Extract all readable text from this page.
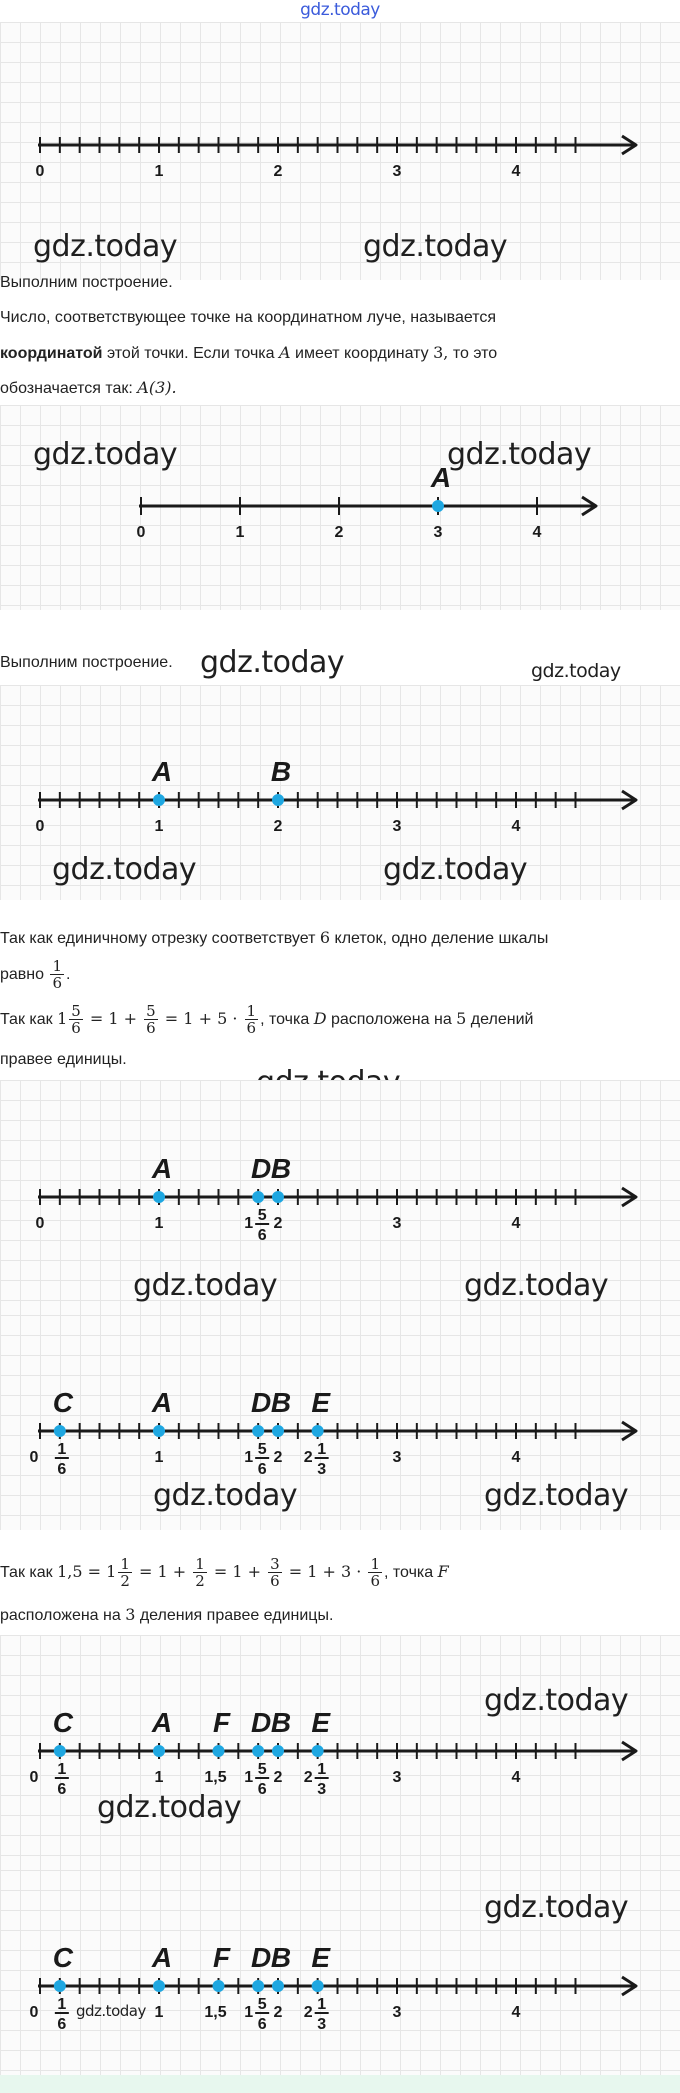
gdz.today
0	1	2	3	4
gdz.today	gdz.today
Выполним построение.
Число, соответствующее точке на координатном луче, называется
координатой этой точки. Если точка A имеет координату 3, то это
обозначается так: A(3).
0	1	2	3	4
A
gdz.today	gdz.today
Выполним построение. gdz.today	gdz.today
0	1	2	3	4
A	B
gdz.today	gdz.today
Так как единичному отрезку соответствует 6 клеток, одно деление шкалы
равно $\frac{1}{6}$ .
Так как $1 \frac{5}{6} = 1 + \frac{5}{6} = 1 + 5 \cdot \frac{1}{6}$ , точка D расположена на 5 делений
правее единицы.
0	1	2	3	4
1 5
6
A	D B
gdz.today	gdz.today
0	1	2	3	4
1
6
1 5
6
2 1
3
C	A	D B E
gdz.today	gdz.today
Так как $1,5 = 1 \frac{1}{2} = 1 + \frac{1}{2} = 1 + \frac{3}{6} = 1 + 3 \cdot \frac{1}{6}$ , точка F
расположена на 3 деления правее единицы.
0	1	2	3	4
1,5
1
6
1 5
6
2 1
3
C	A F D B E
gdz.today
gdz.today
0	1	2	3	4
1,5
1
6
1 5
6
2 1
3
C	A F D B E
gdz.today
gdz.today
